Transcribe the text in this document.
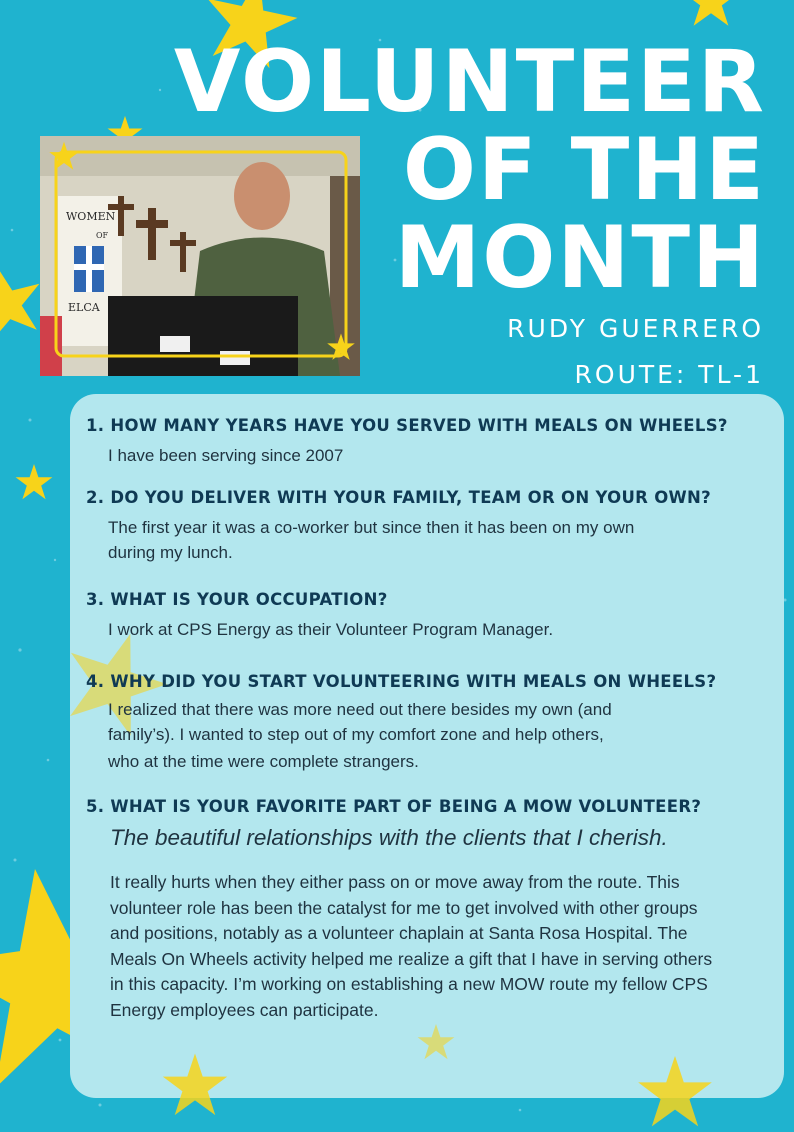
WOMEN
OF
ELCA
VOLUNTEER
OF THE
MONTH
RUDY GUERRERO
ROUTE: TL-1
1. HOW MANY YEARS HAVE YOU SERVED WITH MEALS ON WHEELS?
I have been serving since 2007
2. DO YOU DELIVER WITH YOUR FAMILY, TEAM OR ON YOUR OWN?
The first year it was a co-worker but since then it has been on my own
during my lunch.
3. WHAT IS YOUR OCCUPATION?
I work at CPS Energy as their Volunteer Program Manager.
4. WHY DID YOU START VOLUNTEERING WITH MEALS ON WHEELS?
I realized that there was more need out there besides my own (and
family’s). I wanted to step out of my comfort zone and help others,
who at the time were complete strangers.
5. WHAT IS YOUR FAVORITE PART OF BEING A MOW VOLUNTEER?
The beautiful relationships with the clients that I cherish.
It really hurts when they either pass on or move away from the route. This volunteer role has been the catalyst for me to get involved with other groups and positions, notably as a volunteer chaplain at Santa Rosa Hospital. The Meals On Wheels activity helped me realize a gift that I have in serving others in this capacity. I’m working on establishing a new MOW route my fellow CPS Energy employees can participate.
